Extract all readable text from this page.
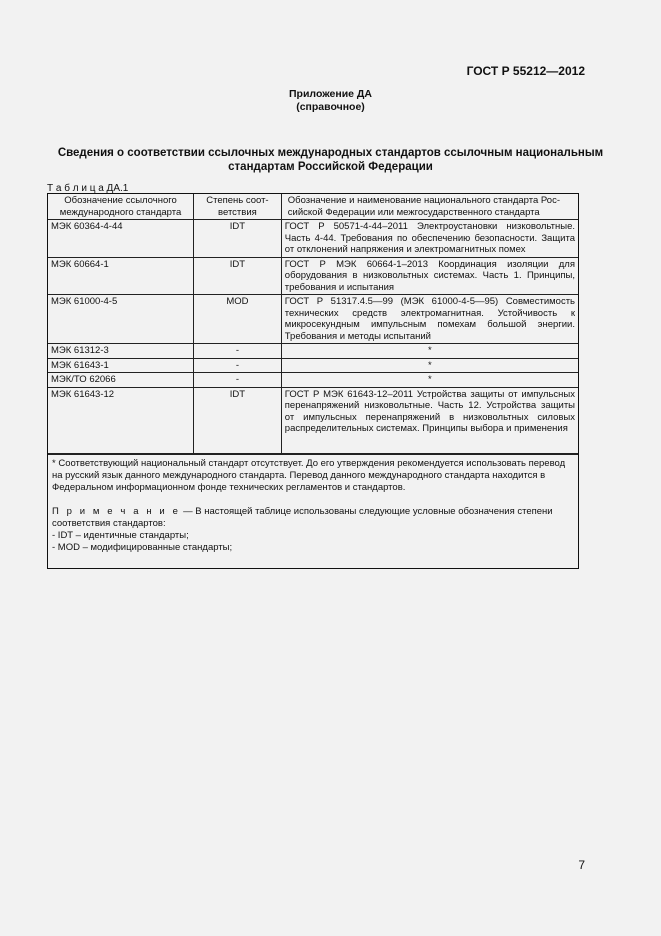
ГОСТ Р 55212—2012
Приложение ДА
(справочное)
Сведения о соответствии ссылочных международных стандартов ссылочным национальным
стандартам Российской Федерации
Т а б л и ц а ДА.1
Обозначение ссылочного международного стандарта	Степень соот- ветствия	Обозначение и наименование национального стандарта Рос- сийской Федерации или межгосударственного стандарта
МЭК 60364-4-44	IDT	ГОСТ Р 50571-4-44–2011 Электроустановки низковольтные. Часть 4-44. Требования по обеспечению безопасности. Защита от отклонений напряжения и электромагнитных помех
МЭК 60664-1	IDT	ГОСТ Р МЭК 60664-1–2013 Координация изоляции для оборудования в низковольтных системах. Часть 1. Принципы, требования и испытания
МЭК 61000-4-5	MOD	ГОСТ Р 51317.4.5—99 (МЭК 61000-4-5—95) Совместимость технических средств электромагнитная. Устойчивость к микросекундным импульсным помехам большой энергии. Требования и методы испытаний
МЭК 61312-3	-	*
МЭК 61643-1	-	*
МЭК/ТО 62066	-	*
МЭК 61643-12	IDT	ГОСТ Р МЭК 61643-12–2011 Устройства защиты от импульсных перенапряжений низковольтные. Часть 12. Устройства защиты от импульсных перенапряжений в низковольтных силовых распределительных системах. Принципы выбора и применения

* Соответствующий национальный стандарт отсутствует. До его утверждения рекомендуется использовать перевод на русский язык данного международного стандарта. Перевод данного международного стандарта находится в Федеральном информационном фонде технических регламентов и стандартов.

П р и м е ч а н и е — В настоящей таблице использованы следующие условные обозначения степени соответствия стандартов:

- IDT – идентичные стандарты;

- MOD – модифицированные стандарты;

7
